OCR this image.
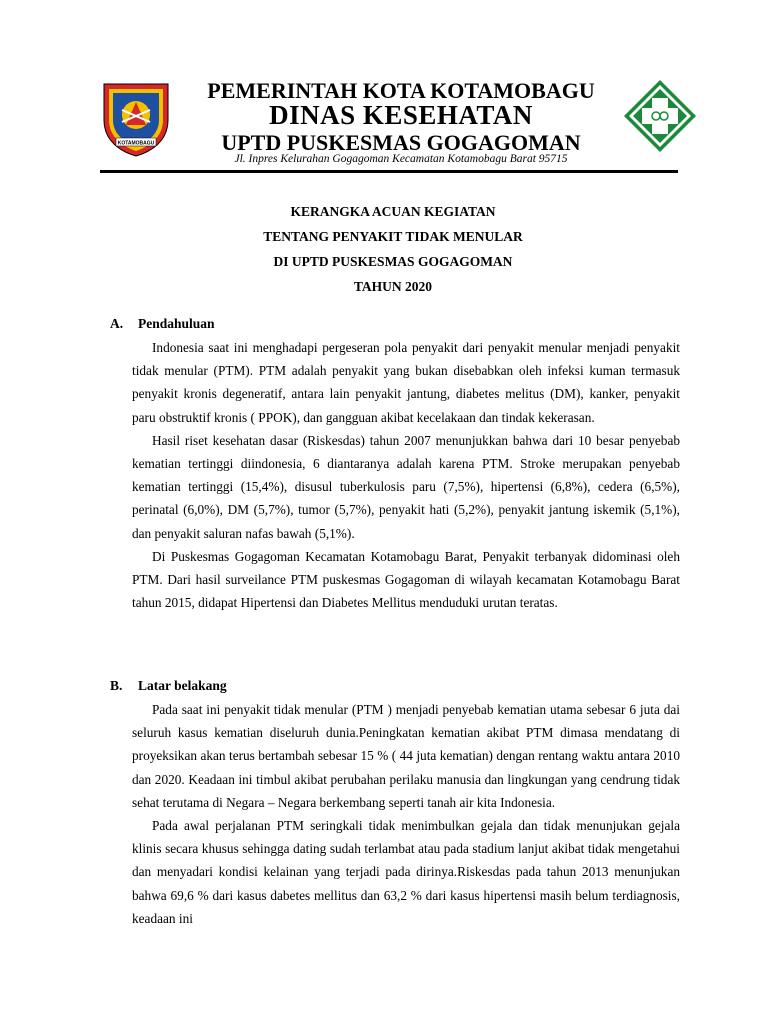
KOTAMOBAGU
PEMERINTAH KOTA KOTAMOBAGU
DINAS KESEHATAN
UPTD PUSKESMAS GOGAGOMAN
Jl. Inpres Kelurahan Gogagoman Kecamatan Kotamobagu Barat 95715
KERANGKA ACUAN KEGIATAN
TENTANG PENYAKIT TIDAK MENULAR
DI UPTD PUSKESMAS GOGAGOMAN
TAHUN 2020
A. Pendahuluan

Indonesia saat ini menghadapi pergeseran pola penyakit dari penyakit menular menjadi penyakit tidak menular (PTM). PTM adalah penyakit yang bukan disebabkan oleh infeksi kuman termasuk penyakit kronis degeneratif, antara lain penyakit jantung, diabetes melitus (DM), kanker, penyakit paru obstruktif kronis ( PPOK), dan gangguan akibat kecelakaan dan tindak kekerasan.

Hasil riset kesehatan dasar (Riskesdas) tahun 2007 menunjukkan bahwa dari 10 besar penyebab kematian tertinggi diindonesia, 6 diantaranya adalah karena PTM. Stroke merupakan penyebab kematian tertinggi (15,4%), disusul tuberkulosis paru (7,5%), hipertensi (6,8%), cedera (6,5%), perinatal (6,0%), DM (5,7%), tumor (5,7%), penyakit hati (5,2%), penyakit jantung iskemik (5,1%), dan penyakit saluran nafas bawah (5,1%).

Di Puskesmas Gogagoman Kecamatan Kotamobagu Barat, Penyakit terbanyak didominasi oleh PTM. Dari hasil surveilance PTM puskesmas Gogagoman di wilayah kecamatan Kotamobagu Barat tahun 2015, didapat Hipertensi dan Diabetes Mellitus menduduki urutan teratas.

B. Latar belakang

Pada saat ini penyakit tidak menular (PTM ) menjadi penyebab kematian utama sebesar 6 juta dai seluruh kasus kematian diseluruh dunia.Peningkatan kematian akibat PTM dimasa mendatang di proyeksikan akan terus bertambah sebesar 15 % ( 44 juta kematian) dengan rentang waktu antara 2010 dan 2020. Keadaan ini timbul akibat perubahan perilaku manusia dan lingkungan yang cendrung tidak sehat terutama di Negara – Negara berkembang seperti tanah air kita Indonesia.

Pada awal perjalanan PTM seringkali tidak menimbulkan gejala dan tidak menunjukan gejala klinis secara khusus sehingga dating sudah terlambat atau pada stadium lanjut akibat tidak mengetahui dan menyadari kondisi kelainan yang terjadi pada dirinya.Riskesdas pada tahun 2013 menunjukan bahwa 69,6 % dari kasus dabetes mellitus dan 63,2 % dari kasus hipertensi masih belum terdiagnosis, keadaan ini
